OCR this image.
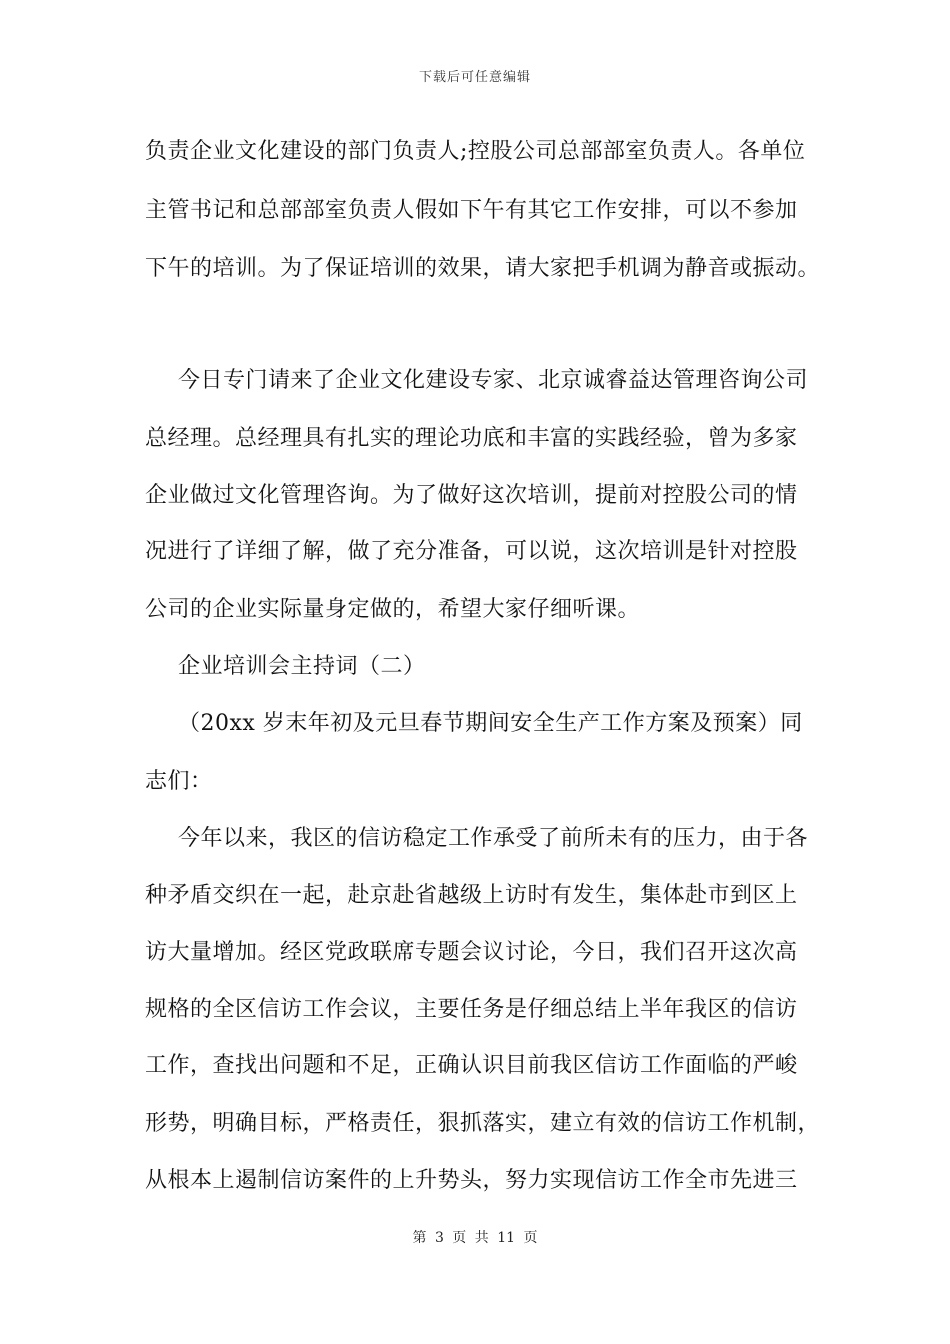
下载后可任意编辑
负责企业文化建设的部门负责人;控股公司总部部室负责人。各单位
主管书记和总部部室负责人假如下午有其它工作安排，可以不参加
下午的培训。为了保证培训的效果，请大家把手机调为静音或振动。
今日专门请来了企业文化建设专家、北京诚睿益达管理咨询公司
总经理。总经理具有扎实的理论功底和丰富的实践经验，曾为多家
企业做过文化管理咨询。为了做好这次培训，提前对控股公司的情
况进行了详细了解，做了充分准备，可以说，这次培训是针对控股
公司的企业实际量身定做的，希望大家仔细听课。
企业培训会主持词（二）
（20xx 岁末年初及元旦春节期间安全生产工作方案及预案）同
志们：
今年以来，我区的信访稳定工作承受了前所未有的压力，由于各
种矛盾交织在一起，赴京赴省越级上访时有发生，集体赴市到区上
访大量增加。经区党政联席专题会议讨论，今日，我们召开这次高
规格的全区信访工作会议，主要任务是仔细总结上半年我区的信访
工作，查找出问题和不足，正确认识目前我区信访工作面临的严峻
形势，明确目标，严格责任，狠抓落实，建立有效的信访工作机制，
从根本上遏制信访案件的上升势头，努力实现信访工作全市先进三
第 3 页 共 11 页
